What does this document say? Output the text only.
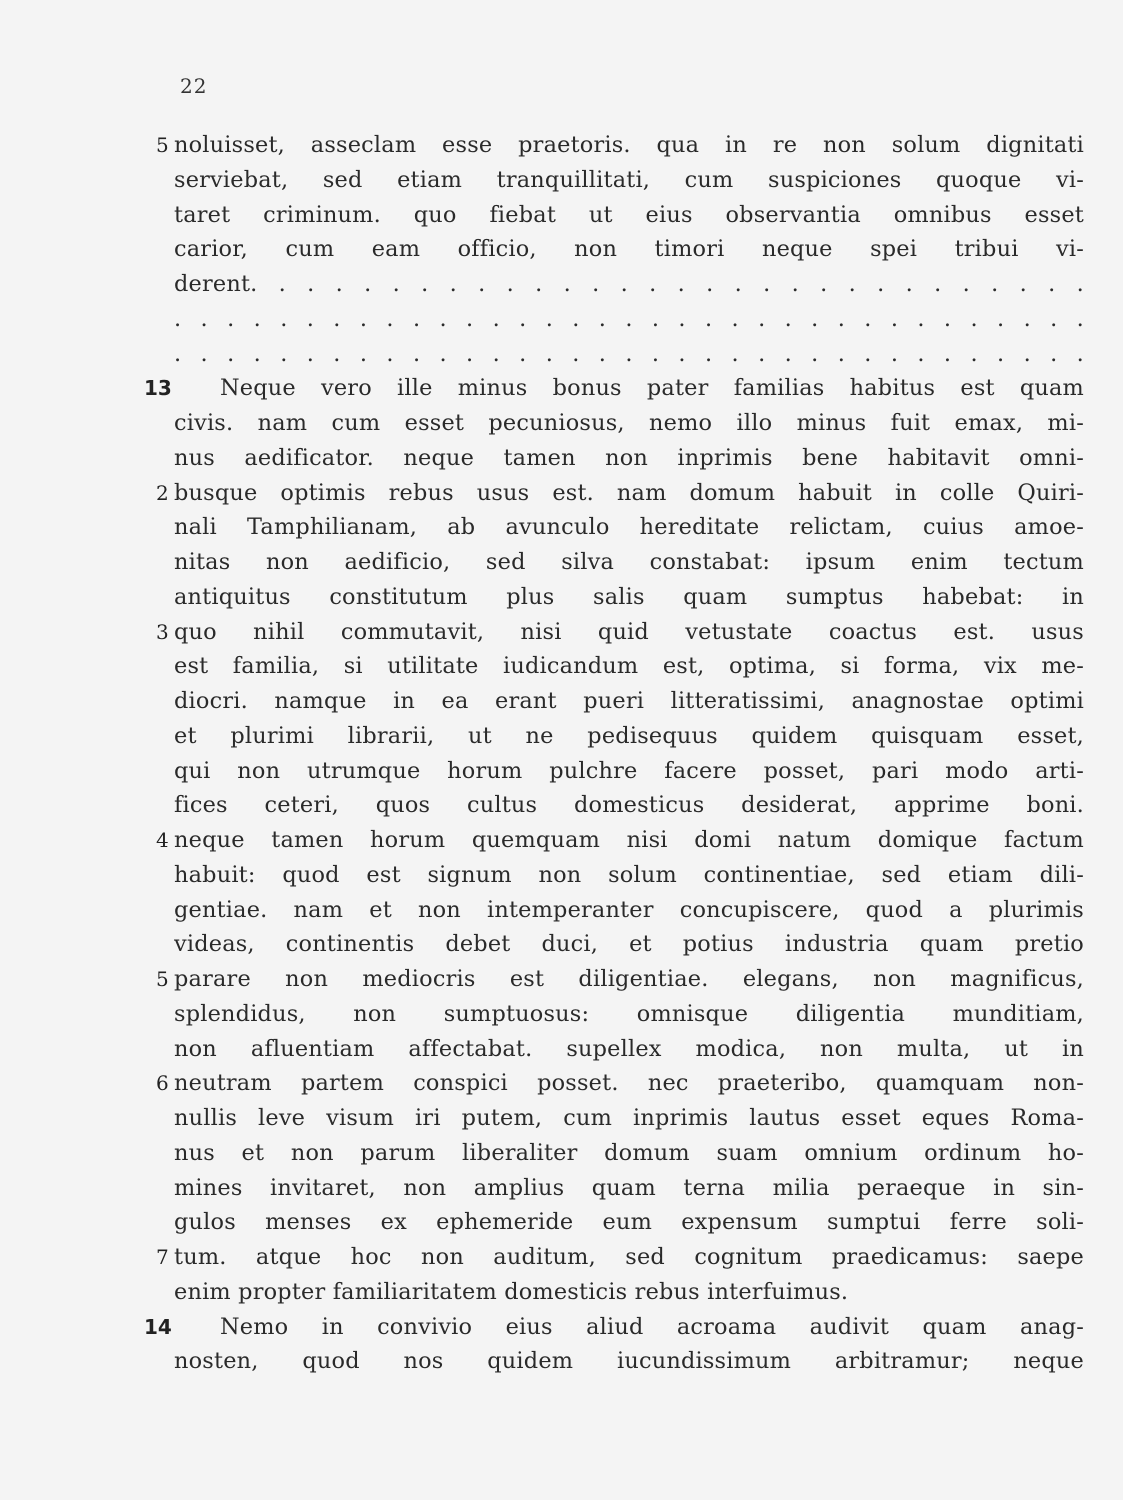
22
5 noluisset, asseclam esse praetoris. qua in re non solum dignitati
serviebat, sed etiam tranquillitati, cum suspiciones quoque vi-
taret criminum. quo fiebat ut eius observantia omnibus esset
carior, cum eam officio, non timori neque spei tribui vi-
derent. . . . . . . . . . . . . . . . . . . . . . . . . . . . . .
. . . . . . . . . . . . . . . . . . . . . . . . . . . . . . . . . . .
. . . . . . . . . . . . . . . . . . . . . . . . . . . . . . . . . . .
13 Neque vero ille minus bonus pater familias habitus est quam
civis. nam cum esset pecuniosus, nemo illo minus fuit emax, mi-
nus aedificator. neque tamen non inprimis bene habitavit omni-
2 busque optimis rebus usus est. nam domum habuit in colle Quiri-
nali Tamphilianam, ab avunculo hereditate relictam, cuius amoe-
nitas non aedificio, sed silva constabat: ipsum enim tectum
antiquitus constitutum plus salis quam sumptus habebat: in
3 quo nihil commutavit, nisi quid vetustate coactus est. usus
est familia, si utilitate iudicandum est, optima, si forma, vix me-
diocri. namque in ea erant pueri litteratissimi, anagnostae optimi
et plurimi librarii, ut ne pedisequus quidem quisquam esset,
qui non utrumque horum pulchre facere posset, pari modo arti-
fices ceteri, quos cultus domesticus desiderat, apprime boni.
4 neque tamen horum quemquam nisi domi natum domique factum
habuit: quod est signum non solum continentiae, sed etiam dili-
gentiae. nam et non intemperanter concupiscere, quod a plurimis
videas, continentis debet duci, et potius industria quam pretio
5 parare non mediocris est diligentiae. elegans, non magnificus,
splendidus, non sumptuosus: omnisque diligentia munditiam,
non afluentiam affectabat. supellex modica, non multa, ut in
6 neutram partem conspici posset. nec praeteribo, quamquam non-
nullis leve visum iri putem, cum inprimis lautus esset eques Roma-
nus et non parum liberaliter domum suam omnium ordinum ho-
mines invitaret, non amplius quam terna milia peraeque in sin-
gulos menses ex ephemeride eum expensum sumptui ferre soli-
7 tum. atque hoc non auditum, sed cognitum praedicamus: saepe
enim propter familiaritatem domesticis rebus interfuimus.
14 Nemo in convivio eius aliud acroama audivit quam anag-
nosten, quod nos quidem iucundissimum arbitramur; neque
